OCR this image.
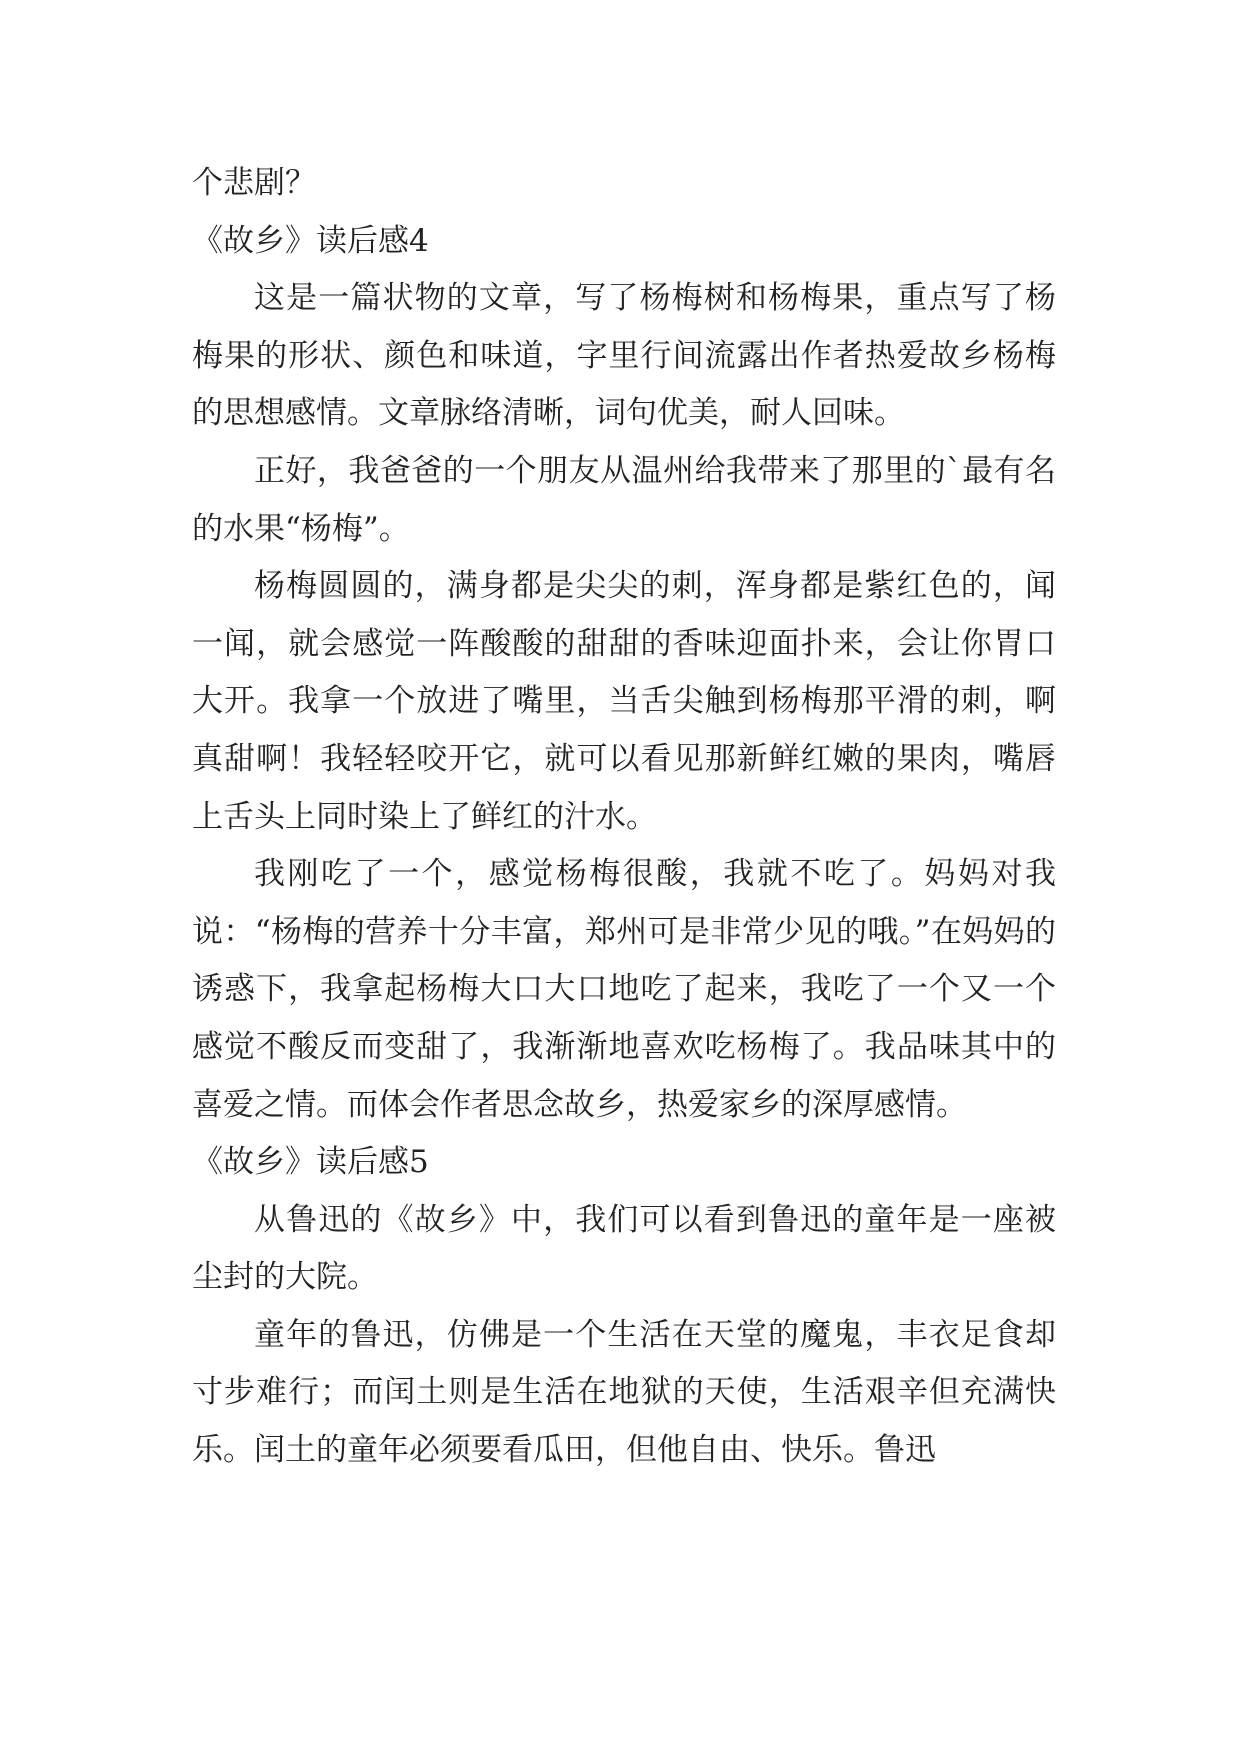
个悲剧？

《故乡》读后感4

这是一篇状物的文章，写了杨梅树和杨梅果，重点写了杨梅果的形状、颜色和味道，字里行间流露出作者热爱故乡杨梅的思想感情。文章脉络清晰，词句优美，耐人回味。

正好，我爸爸的一个朋友从温州给我带来了那里的`最有名的水果“杨梅”。

杨梅圆圆的，满身都是尖尖的刺，浑身都是紫红色的，闻一闻，就会感觉一阵酸酸的甜甜的香味迎面扑来，会让你胃口大开。我拿一个放进了嘴里，当舌尖触到杨梅那平滑的刺，啊真甜啊！我轻轻咬开它，就可以看见那新鲜红嫩的果肉，嘴唇上舌头上同时染上了鲜红的汁水。

我刚吃了一个，感觉杨梅很酸，我就不吃了。妈妈对我说：“杨梅的营养十分丰富，郑州可是非常少见的哦。”在妈妈的诱惑下，我拿起杨梅大口大口地吃了起来，我吃了一个又一个感觉不酸反而变甜了，我渐渐地喜欢吃杨梅了。我品味其中的喜爱之情。而体会作者思念故乡，热爱家乡的深厚感情。

《故乡》读后感5

从鲁迅的《故乡》中，我们可以看到鲁迅的童年是一座被尘封的大院。

童年的鲁迅，仿佛是一个生活在天堂的魔鬼，丰衣足食却寸步难行；而闰土则是生活在地狱的天使，生活艰辛但充满快乐。闰土的童年必须要看瓜田，但他自由、快乐。鲁迅
